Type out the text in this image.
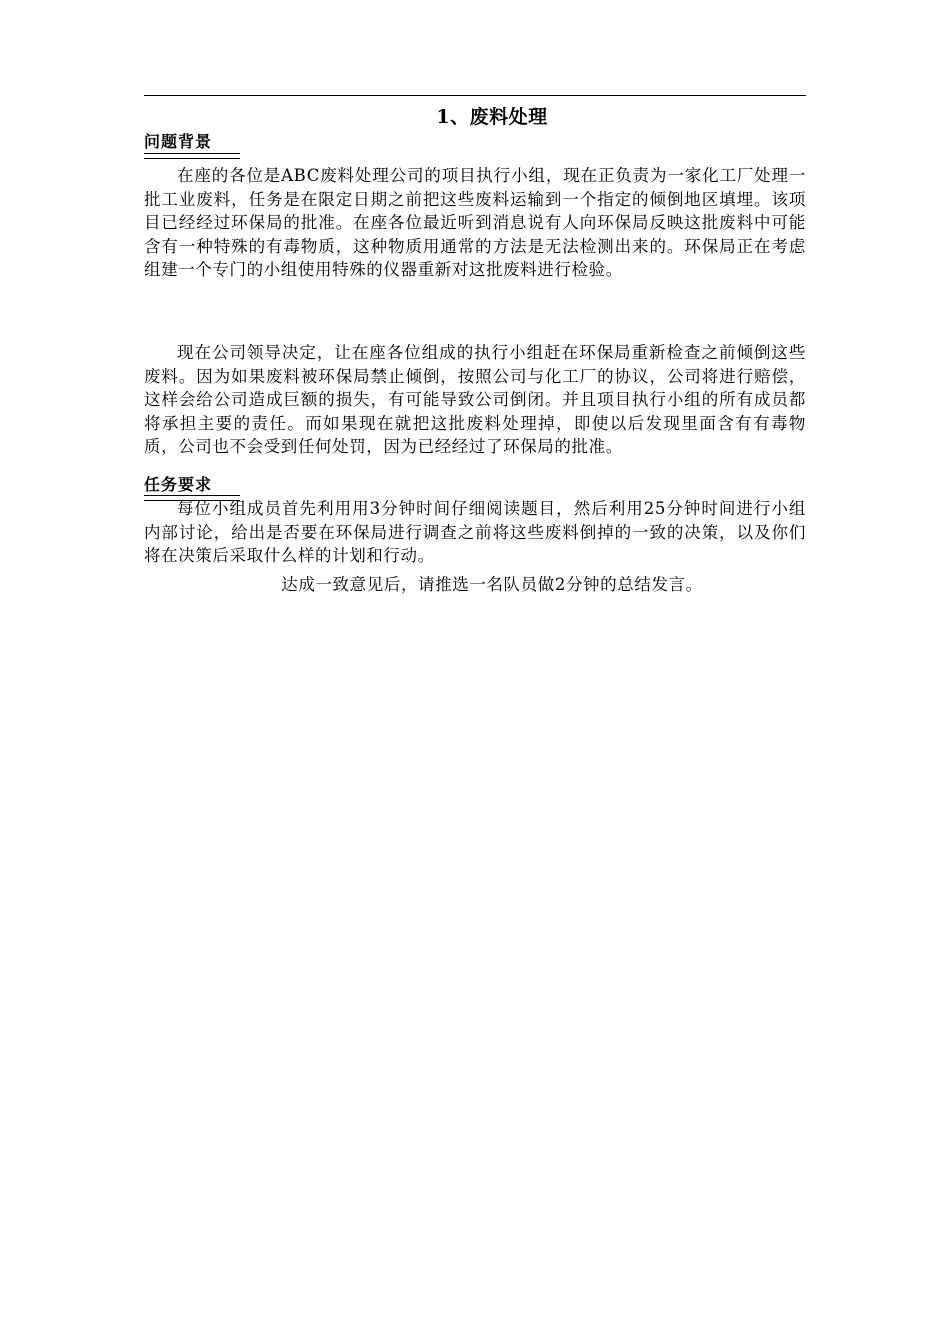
1、废料处理
问题背景

在座的各位是ABC废料处理公司的项目执行小组，现在正负责为一家化工厂处理一批工业废料，任务是在限定日期之前把这些废料运输到一个指定的倾倒地区填埋。该项目已经经过环保局的批准。在座各位最近听到消息说有人向环保局反映这批废料中可能含有一种特殊的有毒物质，这种物质用通常的方法是无法检测出来的。环保局正在考虑组建一个专门的小组使用特殊的仪器重新对这批废料进行检验。

现在公司领导决定，让在座各位组成的执行小组赶在环保局重新检查之前倾倒这些废料。因为如果废料被环保局禁止倾倒，按照公司与化工厂的协议，公司将进行赔偿，这样会给公司造成巨额的损失，有可能导致公司倒闭。并且项目执行小组的所有成员都将承担主要的责任。而如果现在就把这批废料处理掉，即使以后发现里面含有有毒物质，公司也不会受到任何处罚，因为已经经过了环保局的批准。

任务要求

每位小组成员首先利用用3分钟时间仔细阅读题目，然后利用25分钟时间进行小组内部讨论，给出是否要在环保局进行调查之前将这些废料倒掉的一致的决策，以及你们将在决策后采取什么样的计划和行动。

达成一致意见后，请推选一名队员做2分钟的总结发言。
